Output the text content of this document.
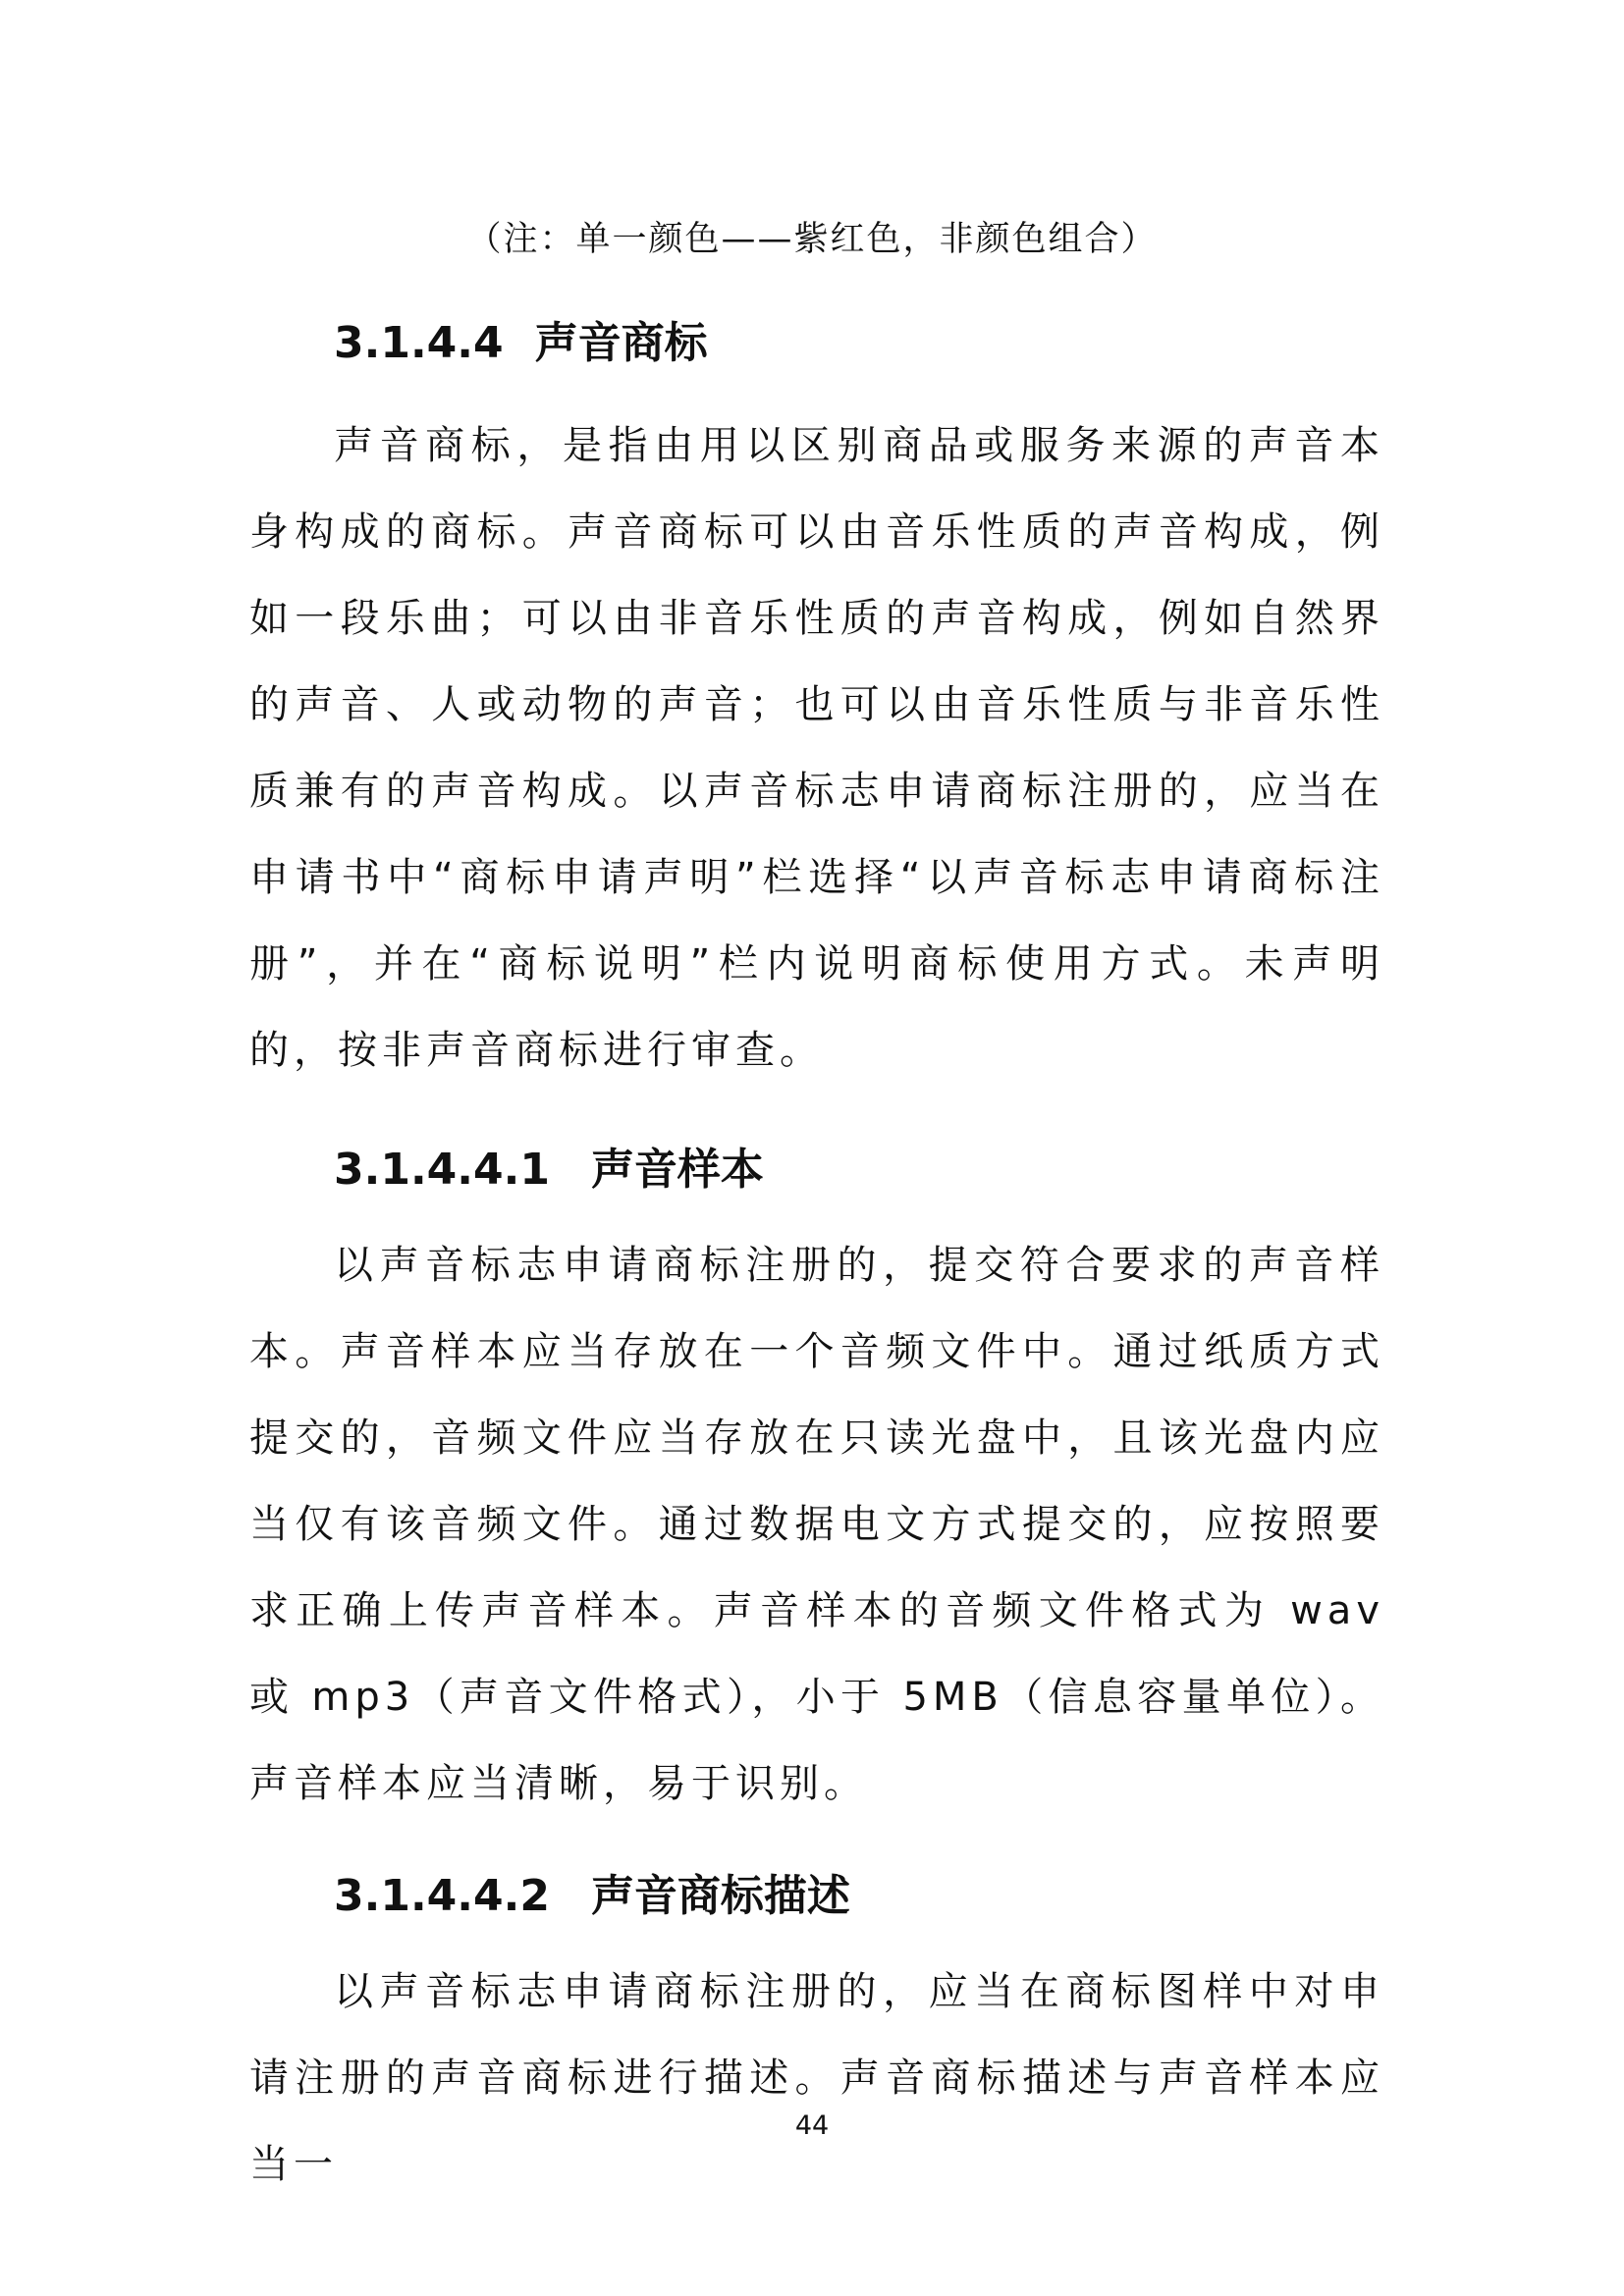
（注：单一颜色——紫红色，非颜色组合）
3.1.4.4 声音商标
声音商标，是指由用以区别商品或服务来源的声音本身构成的商标。声音商标可以由音乐性质的声音构成，例如一段乐曲；可以由非音乐性质的声音构成，例如自然界的声音、人或动物的声音；也可以由音乐性质与非音乐性质兼有的声音构成。以声音标志申请商标注册的，应当在申请书中“商标申请声明”栏选择“以声音标志申请商标注册”，并在“商标说明”栏内说明商标使用方式。未声明的，按非声音商标进行审查。
3.1.4.4.1 声音样本
以声音标志申请商标注册的，提交符合要求的声音样本。声音样本应当存放在一个音频文件中。通过纸质方式提交的，音频文件应当存放在只读光盘中，且该光盘内应当仅有该音频文件。通过数据电文方式提交的，应按照要求正确上传声音样本。声音样本的音频文件格式为 wav 或 mp3（声音文件格式），小于 5MB（信息容量单位）。声音样本应当清晰，易于识别。
3.1.4.4.2 声音商标描述
以声音标志申请商标注册的，应当在商标图样中对申请注册的声音商标进行描述。声音商标描述与声音样本应当一
44
